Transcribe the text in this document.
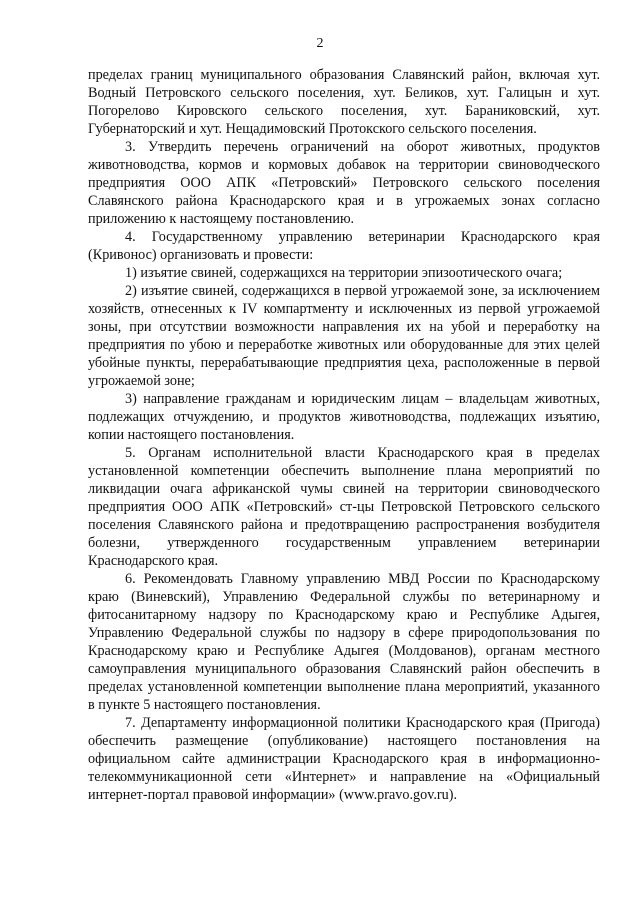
2

пределах границ муниципального образования Славянский район, включая хут. Водный Петровского сельского поселения, хут. Беликов, хут. Галицын и хут. Погорелово Кировского сельского поселения, хут. Бараниковский, хут. Губернаторский и хут. Нещадимовский Протокского сельского поселения.

3. Утвердить перечень ограничений на оборот животных, продуктов животноводства, кормов и кормовых добавок на территории свиноводческого предприятия ООО АПК «Петровский» Петровского сельского поселения Славянского района Краснодарского края и в угрожаемых зонах согласно приложению к настоящему постановлению.

4. Государственному управлению ветеринарии Краснодарского края (Кривонос) организовать и провести:

1) изъятие свиней, содержащихся на территории эпизоотического очага;

2) изъятие свиней, содержащихся в первой угрожаемой зоне, за исключением хозяйств, отнесенных к IV компартменту и исключенных из первой угрожаемой зоны, при отсутствии возможности направления их на убой и переработку на предприятия по убою и переработке животных или оборудованные для этих целей убойные пункты, перерабатывающие предприятия цеха, расположенные в первой угрожаемой зоне;

3) направление гражданам и юридическим лицам – владельцам животных, подлежащих отчуждению, и продуктов животноводства, подлежащих изъятию, копии настоящего постановления.

5. Органам исполнительной власти Краснодарского края в пределах установленной компетенции обеспечить выполнение плана мероприятий по ликвидации очага африканской чумы свиней на территории свиноводческого предприятия ООО АПК «Петровский» ст-цы Петровской Петровского сельского поселения Славянского района и предотвращению распространения возбудителя болезни, утвержденного государственным управлением ветеринарии Краснодарского края.

6. Рекомендовать Главному управлению МВД России по Краснодарскому краю (Виневский), Управлению Федеральной службы по ветеринарному и фитосанитарному надзору по Краснодарскому краю и Республике Адыгея, Управлению Федеральной службы по надзору в сфере природопользования по Краснодарскому краю и Республике Адыгея (Молдованов), органам местного самоуправления муниципального образования Славянский район обеспечить в пределах установленной компетенции выполнение плана мероприятий, указанного в пункте 5 настоящего постановления.

7. Департаменту информационной политики Краснодарского края (Пригода) обеспечить размещение (опубликование) настоящего постановления на официальном сайте администрации Краснодарского края в информационно-телекоммуникационной сети «Интернет» и направление на «Официальный интернет-портал правовой информации» (www.pravo.gov.ru).
